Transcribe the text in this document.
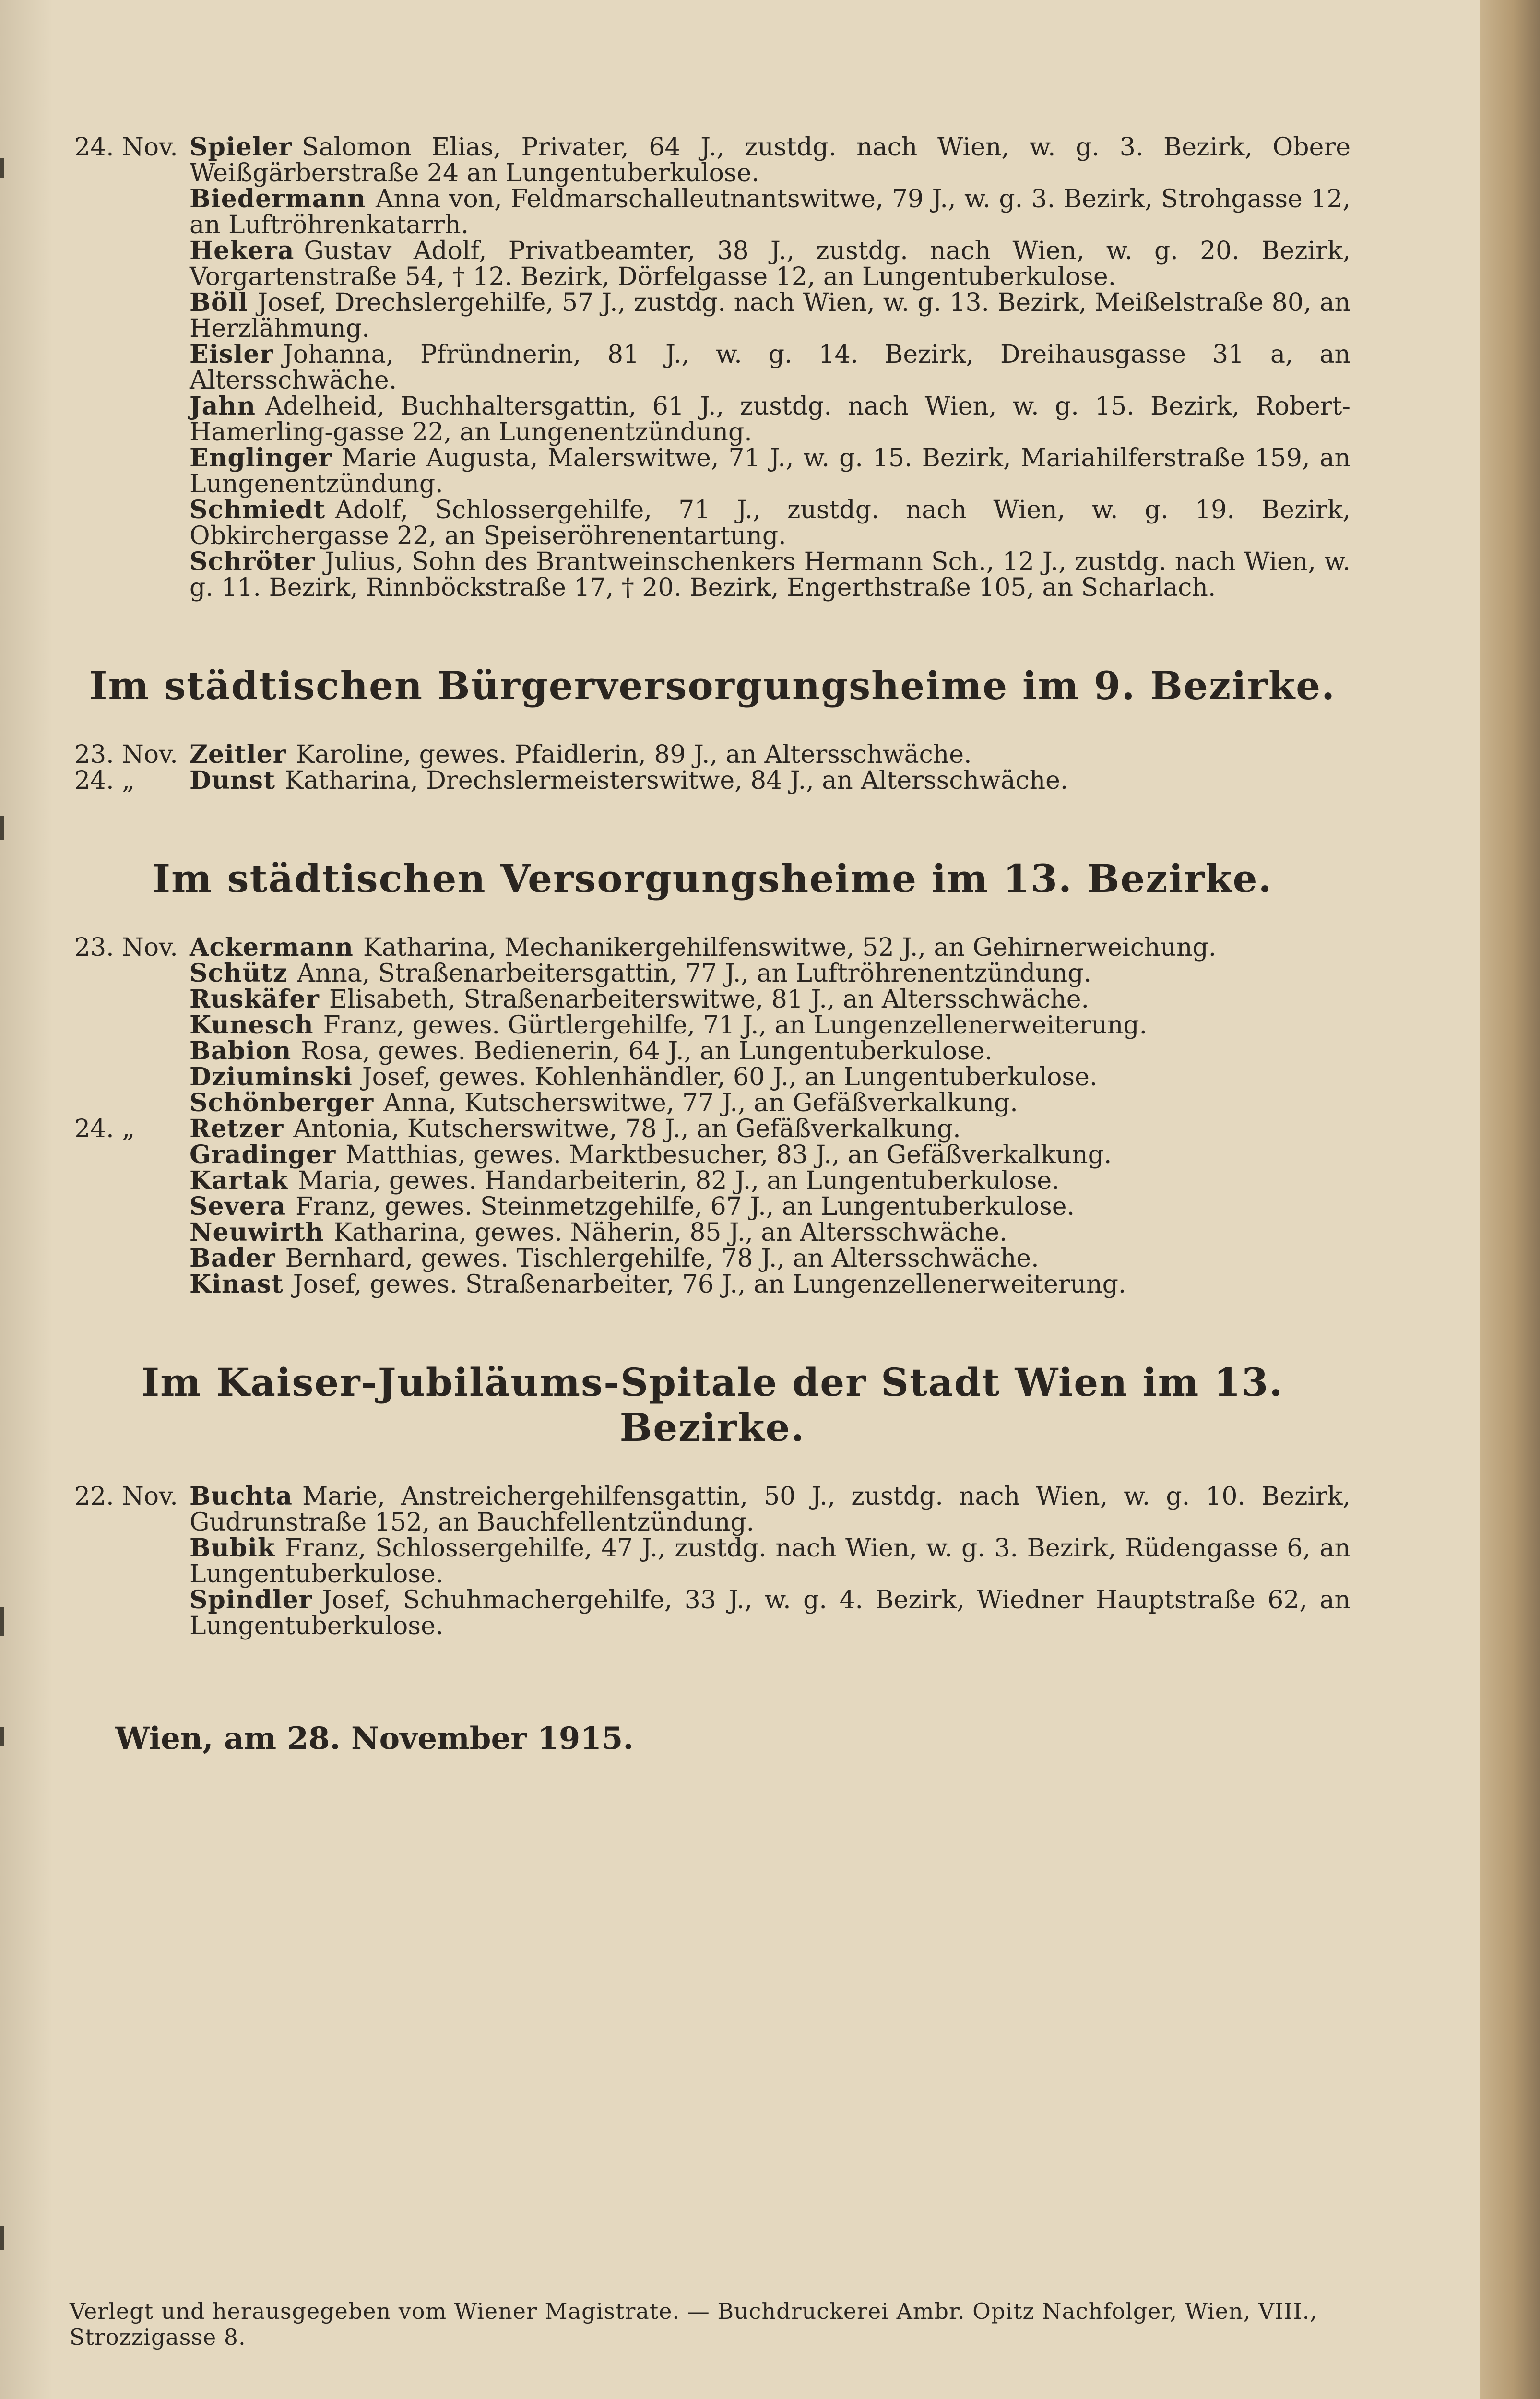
24. Nov. Spieler Salomon Elias, Privater, 64 J., zustdg. nach Wien, w. g. 3. Bezirk, Obere Weißgärberstraße 24 an Lungentuberkulose.
Biedermann Anna von, Feldmarschalleutnantswitwe, 79 J., w. g. 3. Bezirk, Strohgasse 12, an Luftröhrenkatarrh.
Hekera Gustav Adolf, Privatbeamter, 38 J., zustdg. nach Wien, w. g. 20. Bezirk, Vorgartenstraße 54, † 12. Bezirk, Dörfelgasse 12, an Lungentuberkulose.
Böll Josef, Drechslergehilfe, 57 J., zustdg. nach Wien, w. g. 13. Bezirk, Meißelstraße 80, an Herzlähmung.
Eisler Johanna, Pfründnerin, 81 J., w. g. 14. Bezirk, Dreihausgasse 31 a, an Altersschwäche.
Jahn Adelheid, Buchhaltersgattin, 61 J., zustdg. nach Wien, w. g. 15. Bezirk, Robert-Hamerling-gasse 22, an Lungenentzündung.
Englinger Marie Augusta, Malerswitwe, 71 J., w. g. 15. Bezirk, Mariahilferstraße 159, an Lungenentzündung.
Schmiedt Adolf, Schlossergehilfe, 71 J., zustdg. nach Wien, w. g. 19. Bezirk, Obkirchergasse 22, an Speiseröhrenentartung.
Schröter Julius, Sohn des Brantweinschenkers Hermann Sch., 12 J., zustdg. nach Wien, w. g. 11. Bezirk, Rinnböckstraße 17, † 20. Bezirk, Engerthstraße 105, an Scharlach.
Im städtischen Bürgerversorgungsheime im 9. Bezirke.
23. Nov. Zeitler Karoline, gewes. Pfaidlerin, 89 J., an Altersschwäche.
24. „	Dunst Katharina, Drechslermeisterswitwe, 84 J., an Altersschwäche.
Im städtischen Versorgungsheime im 13. Bezirke.
23. Nov. Ackermann Katharina, Mechanikergehilfenswitwe, 52 J., an Gehirnerweichung.
Schütz Anna, Straßenarbeitersgattin, 77 J., an Luftröhrenentzündung.
Ruskäfer Elisabeth, Straßenarbeiterswitwe, 81 J., an Altersschwäche.
Kunesch Franz, gewes. Gürtlergehilfe, 71 J., an Lungenzellenerweiterung.
Babion Rosa, gewes. Bedienerin, 64 J., an Lungentuberkulose.
Dziuminski Josef, gewes. Kohlenhändler, 60 J., an Lungentuberkulose.
Schönberger Anna, Kutscherswitwe, 77 J., an Gefäßverkalkung.
24. „	Retzer Antonia, Kutscherswitwe, 78 J., an Gefäßverkalkung.
Gradinger Matthias, gewes. Marktbesucher, 83 J., an Gefäßverkalkung.
Kartak Maria, gewes. Handarbeiterin, 82 J., an Lungentuberkulose.
Severa Franz, gewes. Steinmetzgehilfe, 67 J., an Lungentuberkulose.
Neuwirth Katharina, gewes. Näherin, 85 J., an Altersschwäche.
Bader Bernhard, gewes. Tischlergehilfe, 78 J., an Altersschwäche.
Kinast Josef, gewes. Straßenarbeiter, 76 J., an Lungenzellenerweiterung.
Im Kaiser-Jubiläums-Spitale der Stadt Wien im 13. Bezirke.
22. Nov. Buchta Marie, Anstreichergehilfensgattin, 50 J., zustdg. nach Wien, w. g. 10. Bezirk, Gudrunstraße 152, an Bauchfellentzündung.
Bubik Franz, Schlossergehilfe, 47 J., zustdg. nach Wien, w. g. 3. Bezirk, Rüdengasse 6, an Lungentuberkulose.
Spindler Josef, Schuhmachergehilfe, 33 J., w. g. 4. Bezirk, Wiedner Hauptstraße 62, an Lungentuberkulose.
Wien, am 28. November 1915.
Verlegt und herausgegeben vom Wiener Magistrate. — Buchdruckerei Ambr. Opitz Nachfolger, Wien, VIII., Strozzigasse 8.
